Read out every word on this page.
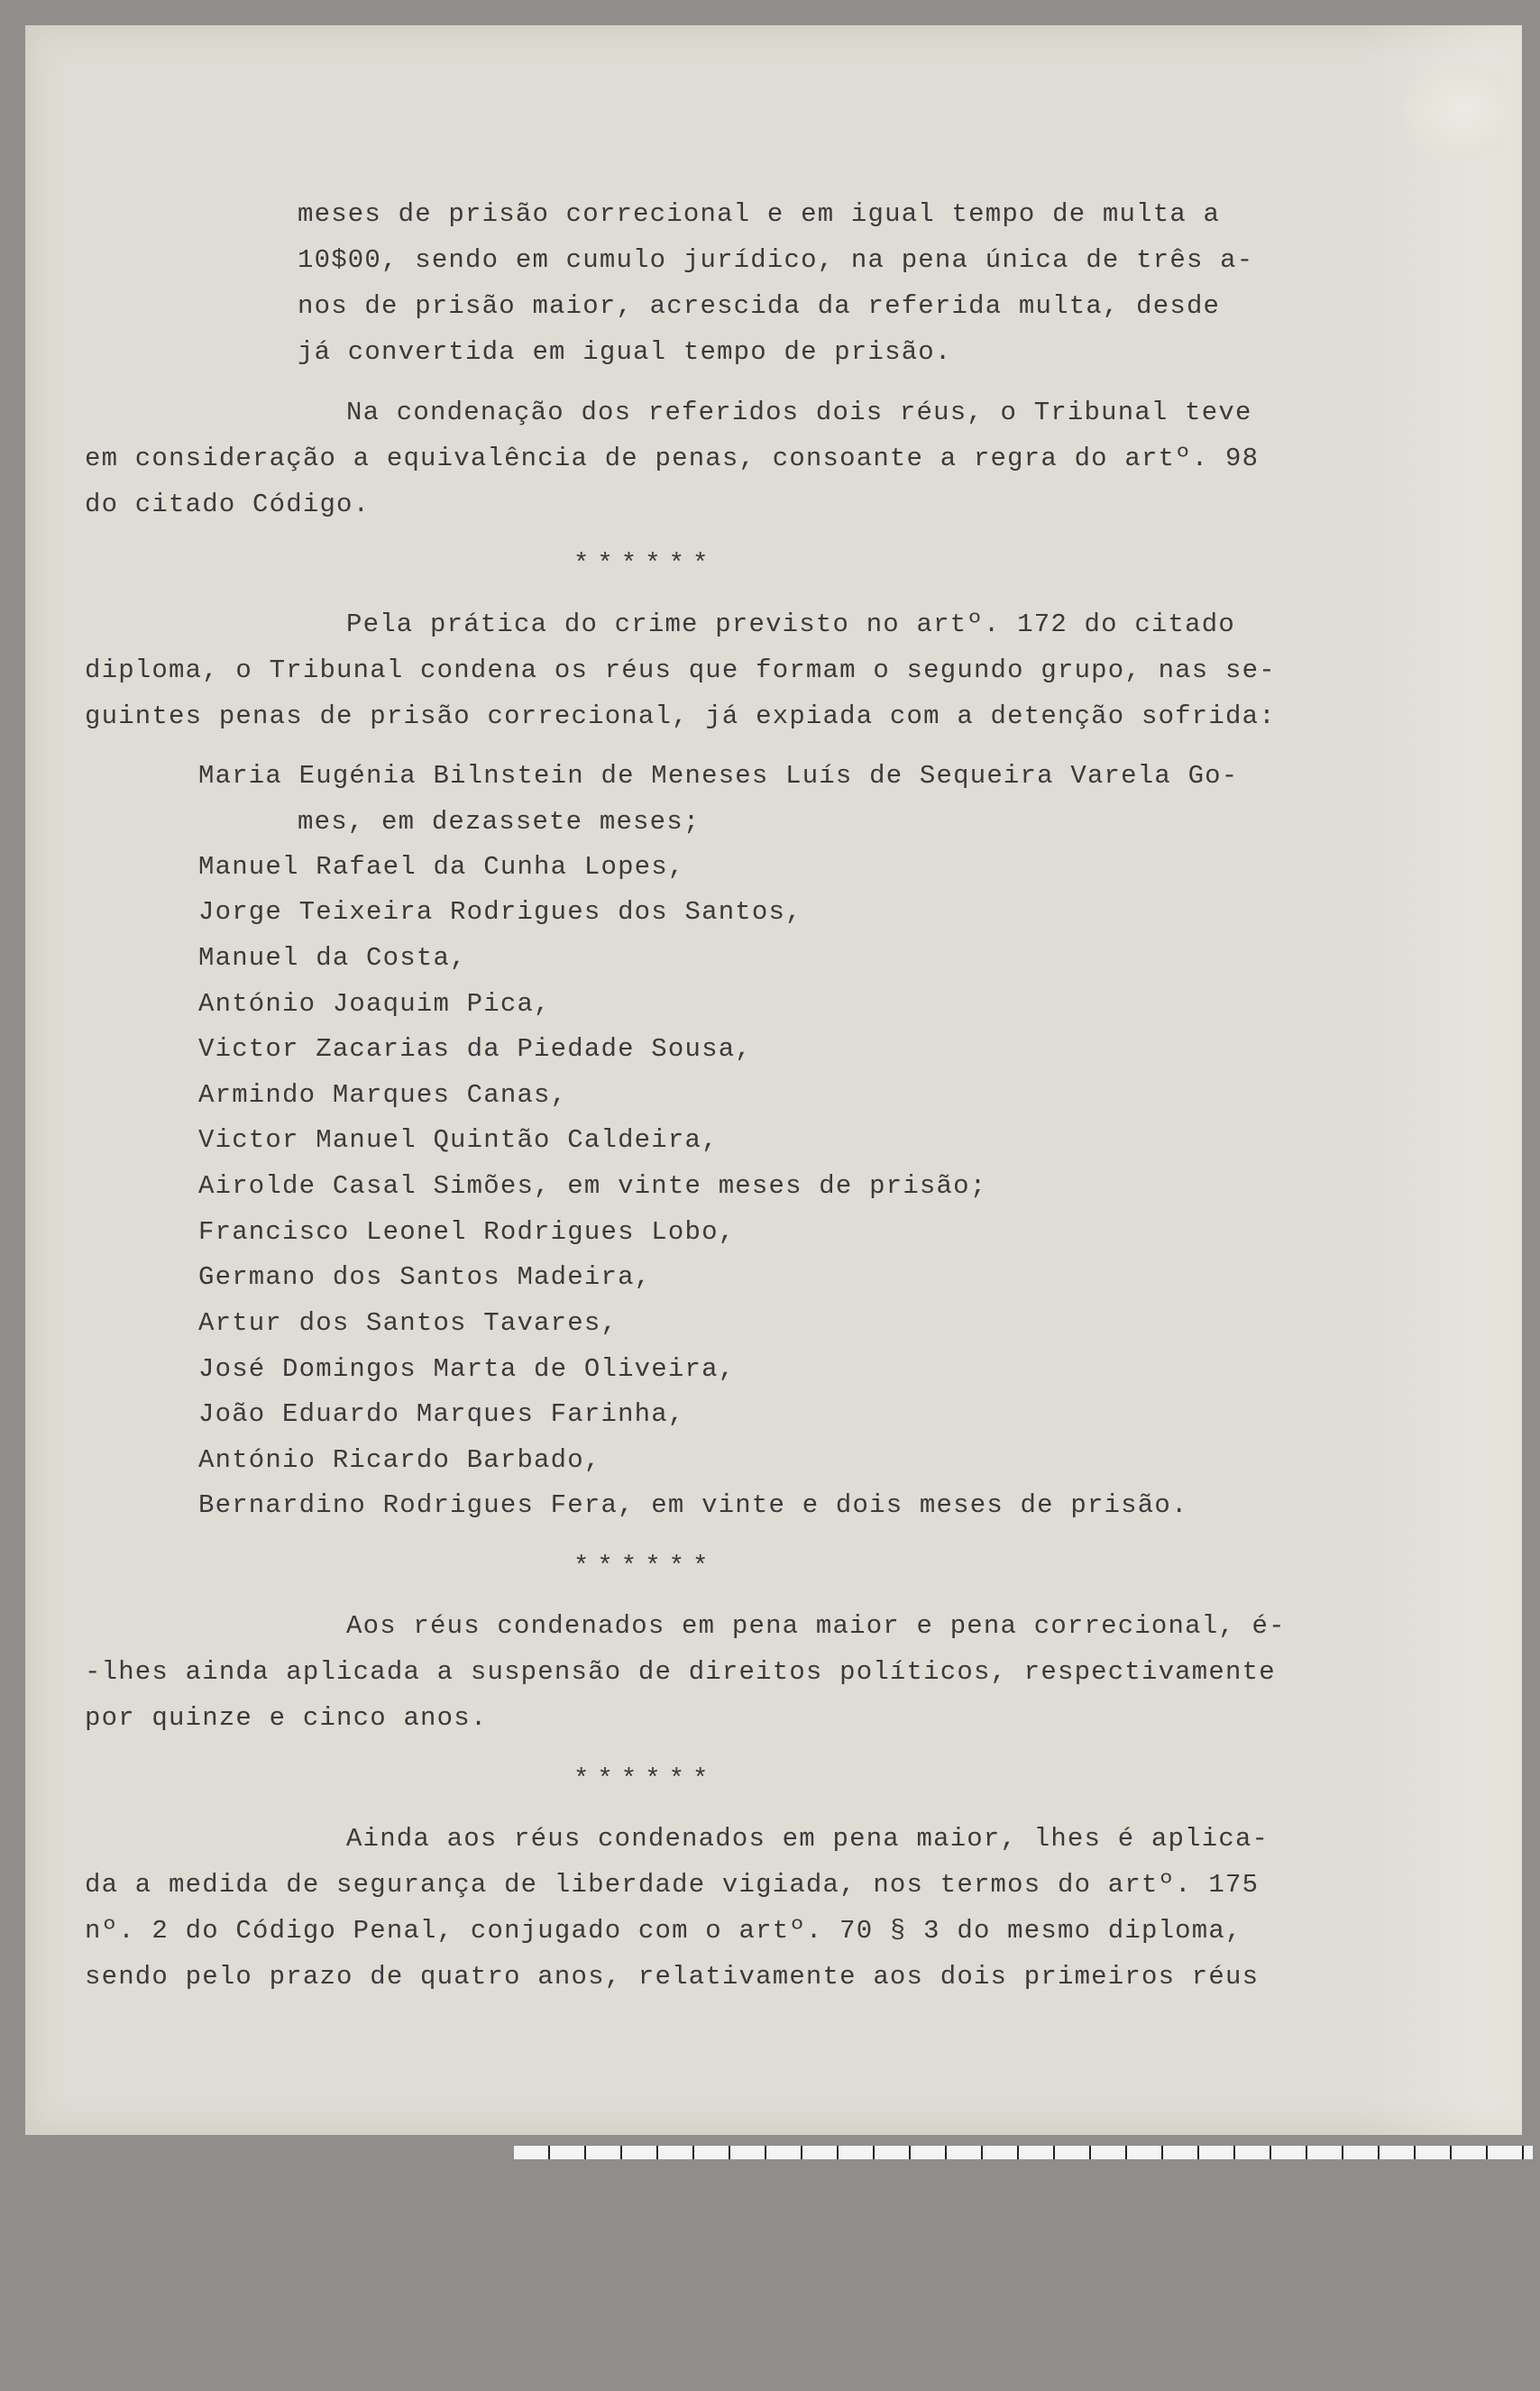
meses de prisão correcional e em igual tempo de multa a

10$00, sendo em cumulo jurídico, na pena única de três a-

nos de prisão maior, acrescida da referida multa, desde

já convertida em igual tempo de prisão.

Na condenação dos referidos dois réus, o Tribunal teve

em consideração a equivalência de penas, consoante a regra do artº. 98

do citado Código.

******

Pela prática do crime previsto no artº. 172 do citado

diploma, o Tribunal condena os réus que formam o segundo grupo, nas se-

guintes penas de prisão correcional, já expiada com a detenção sofrida:

Maria Eugénia Bilnstein de Meneses Luís de Sequeira Varela Go-

mes, em dezassete meses;

Manuel Rafael da Cunha Lopes,

Jorge Teixeira Rodrigues dos Santos,

Manuel da Costa,

António Joaquim Pica,

Victor Zacarias da Piedade Sousa,

Armindo Marques Canas,

Victor Manuel Quintão Caldeira,

Airolde Casal Simões, em vinte meses de prisão;

Francisco Leonel Rodrigues Lobo,

Germano dos Santos Madeira,

Artur dos Santos Tavares,

José Domingos Marta de Oliveira,

João Eduardo Marques Farinha,

António Ricardo Barbado,

Bernardino Rodrigues Fera, em vinte e dois meses de prisão.

******

Aos réus condenados em pena maior e pena correcional, é-

-lhes ainda aplicada a suspensão de direitos políticos, respectivamente

por quinze e cinco anos.

******

Ainda aos réus condenados em pena maior, lhes é aplica-

da a medida de segurança de liberdade vigiada, nos termos do artº. 175

nº. 2 do Código Penal, conjugado com o artº. 70 § 3 do mesmo diploma,

sendo pelo prazo de quatro anos, relativamente aos dois primeiros réus
